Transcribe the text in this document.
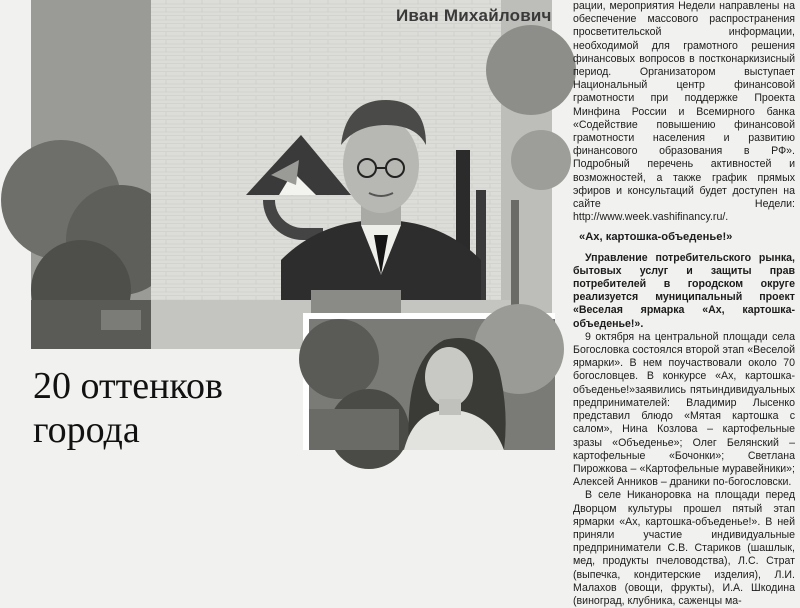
Иван Михайлович
20 оттенков
города

рации, мероприятия Недели направлены на обеспечение массового распространения просветительской информации, необходимой для грамотного решения финансовых вопросов в постконаркизисный период. Организатором выступает Национальный центр финансовой грамотности при поддержке Проекта Минфина России и Всемирного банка «Содействие повышению финансовой грамотности населения и развитию финансового образования в РФ». Подробный перечень активностей и возможностей, а также график прямых эфиров и консультаций будет доступен на сайте Недели: http://www.week.vashifinancy.ru/.

«Ах, картошка-объеденье!»

Управление потребительского рынка, бытовых услуг и защиты прав потребителей в городском округе реализуется муниципальный проект «Веселая ярмарка «Ах, картошка-объеденье!».

9 октября на центральной площади села Богословка состоялся второй этап «Веселой ярмарки». В нем поучаствовали около 70 богословцев. В конкурсе «Ах, картошка-объеденье!»заявились пятьиндивидуальных предпринимателей: Владимир Лысенко представил блюдо «Мятая картошка с салом», Нина Козлова – картофельные зразы «Объеденье»; Олег Белянский – картофельные «Бочонки»; Светлана Пирожкова – «Картофельные муравейники»; Алексей Анников – драники по-богословски.

В селе Никаноровка на площади перед Дворцом культуры прошел пятый этап ярмарки «Ах, картошка-объеденье!». В ней приняли участие индивидуальные предприниматели С.В. Стариков (шашлык, мед, продукты пчеловодства), Л.С. Страт (выпечка, кондитерские изделия), Л.И. Малахов (овощи, фрукты), И.А. Шкодина (виноград, клубника, саженцы ма-
